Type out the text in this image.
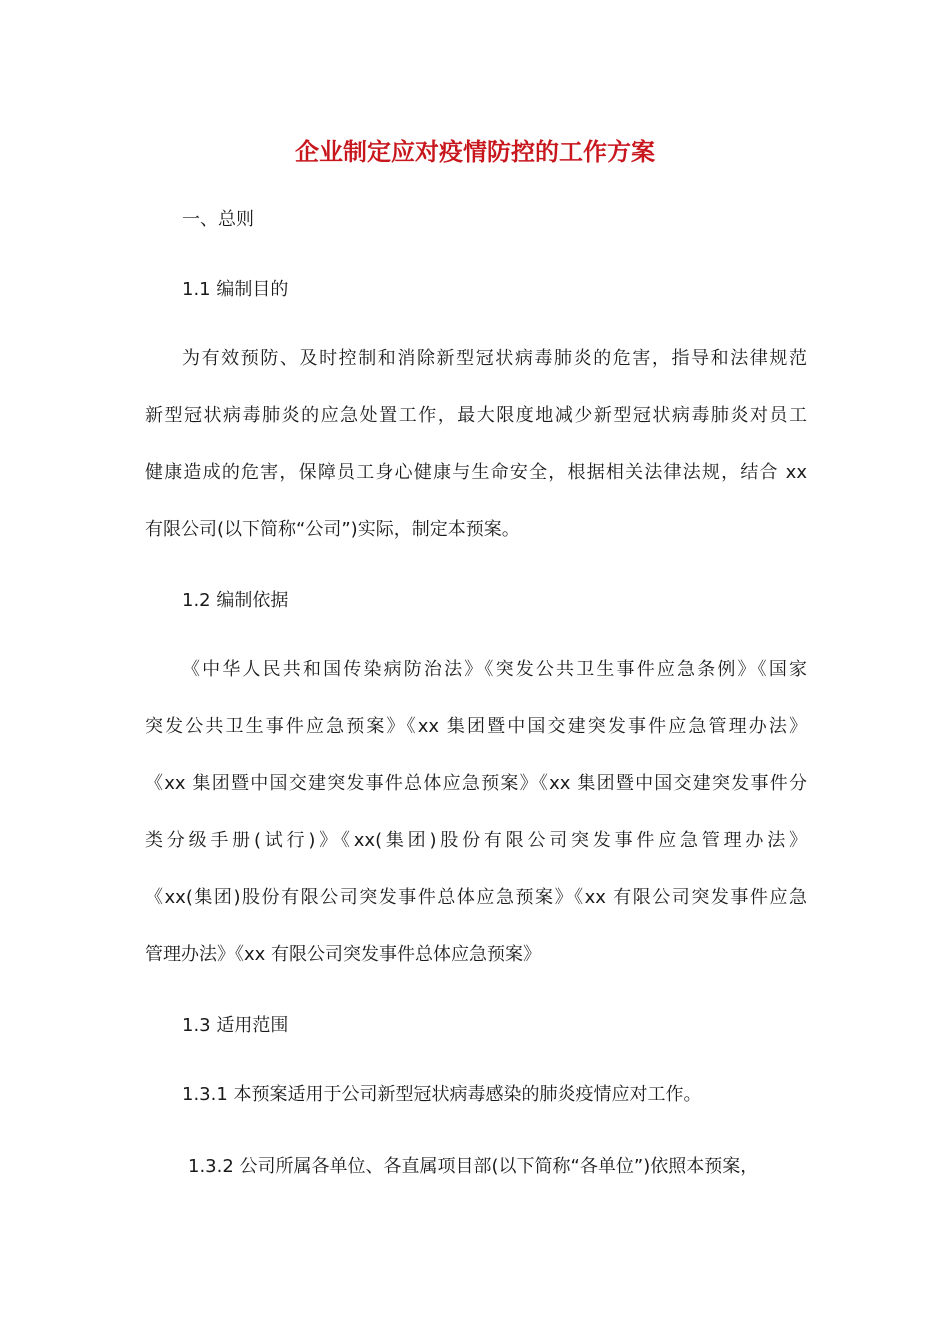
企业制定应对疫情防控的工作方案

一、总则

1.1 编制目的

为有效预防、及时控制和消除新型冠状病毒肺炎的危害，指导和法律规范

新型冠状病毒肺炎的应急处置工作，最大限度地减少新型冠状病毒肺炎对员工

健康造成的危害，保障员工身心健康与生命安全，根据相关法律法规，结合 xx

有限公司(以下简称“公司”)实际，制定本预案。

1.2 编制依据

《中华人民共和国传染病防治法》《突发公共卫生事件应急条例》《国家

突发公共卫生事件应急预案》《xx 集团暨中国交建突发事件应急管理办法》

《xx 集团暨中国交建突发事件总体应急预案》《xx 集团暨中国交建突发事件分

类分级手册(试行)》《xx(集团)股份有限公司突发事件应急管理办法》

《xx(集团)股份有限公司突发事件总体应急预案》《xx 有限公司突发事件应急

管理办法》《xx 有限公司突发事件总体应急预案》

1.3 适用范围

1.3.1 本预案适用于公司新型冠状病毒感染的肺炎疫情应对工作。

1.3.2 公司所属各单位、各直属项目部(以下简称“各单位”)依照本预案，
